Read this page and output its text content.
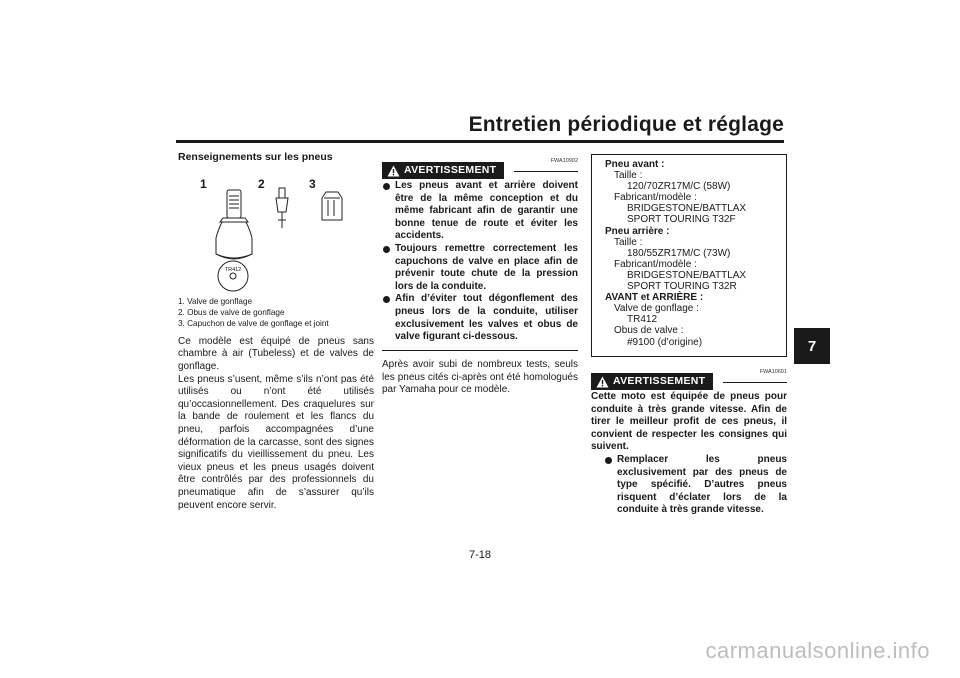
Entretien périodique et réglage
7
Renseignements sur les pneus
1	2	3
TR412
1. Valve de gonflage
2. Obus de valve de gonflage
3. Capuchon de valve de gonflage et joint

Ce modèle est équipé de pneus sans chambre à air (Tubeless) et de valves de gonflage.

Les pneus s’usent, même s’ils n’ont pas été utilisés ou n’ont été utilisés qu’occasionnellement. Des craquelures sur la bande de roulement et les flancs du pneu, parfois accompagnées d’une déformation de la carcasse, sont des signes significatifs du vieillissement du pneu. Les vieux pneus et les pneus usagés doivent être contrôlés par des professionnels du pneumatique afin de s’assurer qu’ils peuvent encore servir.

AVERTISSEMENT
FWA10902
Les pneus avant et arrière doivent être de la même conception et du même fabricant afin de garantir une bonne tenue de route et éviter les accidents.
Toujours remettre correctement les capuchons de valve en place afin de prévenir toute chute de la pression lors de la conduite.
Afin d’éviter tout dégonflement des pneus lors de la conduite, utiliser exclusivement les valves et obus de valve figurant ci-dessous.
Après avoir subi de nombreux tests, seuls les pneus cités ci-après ont été homologués par Yamaha pour ce modèle.
Pneu avant :
Taille :
120/70ZR17M/C (58W)
Fabricant/modèle :
BRIDGESTONE/BATTLAX
SPORT TOURING T32F
Pneu arrière :
Taille :
180/55ZR17M/C (73W)
Fabricant/modèle :
BRIDGESTONE/BATTLAX
SPORT TOURING T32R
AVANT et ARRIÈRE :
Valve de gonflage :
TR412
Obus de valve :
#9100 (d’origine)
AVERTISSEMENT
FWA10601
Cette moto est équipée de pneus pour conduite à très grande vitesse. Afin de tirer le meilleur profit de ces pneus, il convient de respecter les consignes qui suivent.
Remplacer les pneus exclusivement par des pneus de type spécifié. D’autres pneus risquent d’éclater lors de la conduite à très grande vitesse.
7-18
carmanualsonline.info
